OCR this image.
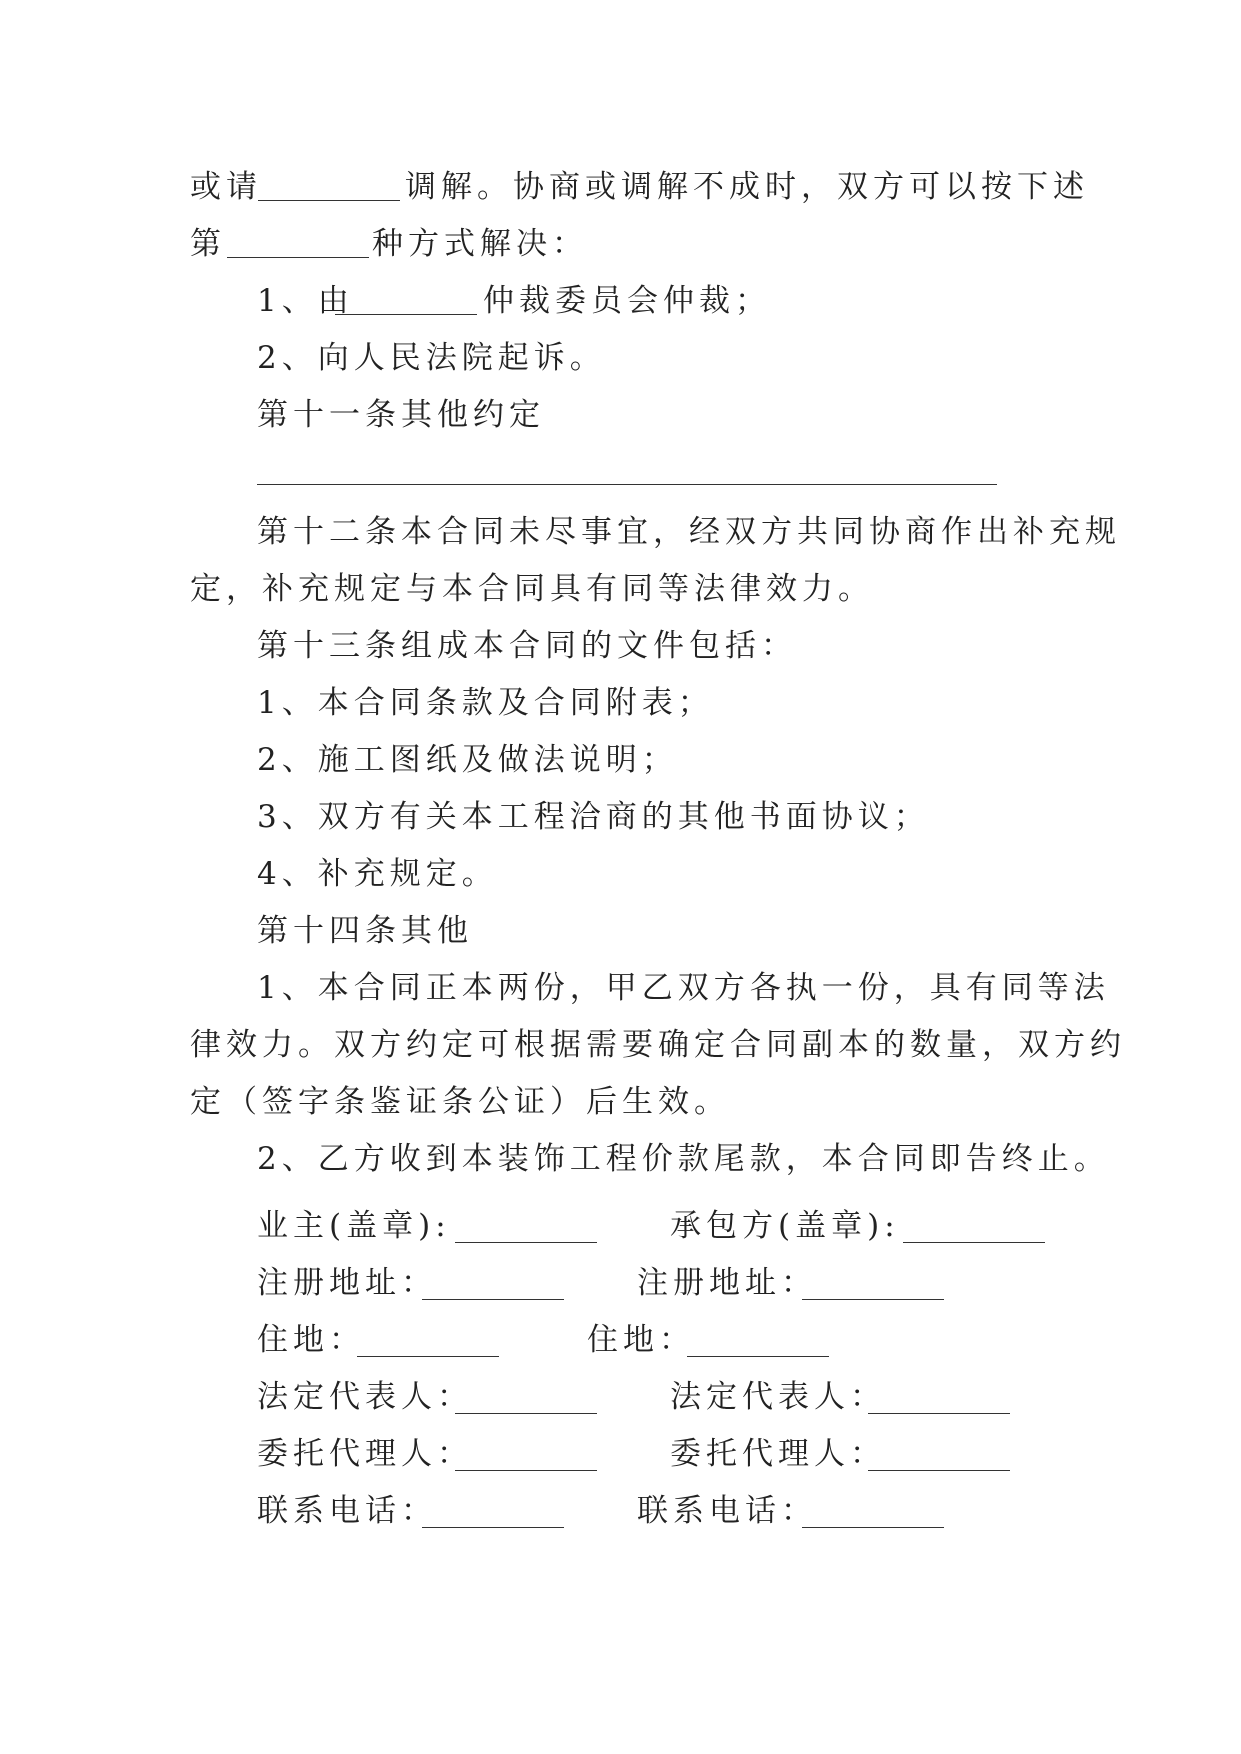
或请	调解。协商或调解不成时，双方可以按下述
第	种方式解决：
1、由	仲裁委员会仲裁；
2、向人民法院起诉。
第十一条其他约定
第十二条本合同未尽事宜，经双方共同协商作出补充规
定，补充规定与本合同具有同等法律效力。
第十三条组成本合同的文件包括：
1、本合同条款及合同附表；
2、施工图纸及做法说明；
3、双方有关本工程洽商的其他书面协议；
4、补充规定。
第十四条其他
1、本合同正本两份，甲乙双方各执一份，具有同等法
律效力。双方约定可根据需要确定合同副本的数量，双方约
定（签字条鉴证条公证）后生效。
2、乙方收到本装饰工程价款尾款，本合同即告终止。
业主(盖章):	承包方(盖章):
注册地址：	注册地址：
住地：	住地：
法定代表人：	法定代表人：
委托代理人：	委托代理人：
联系电话：	联系电话：
